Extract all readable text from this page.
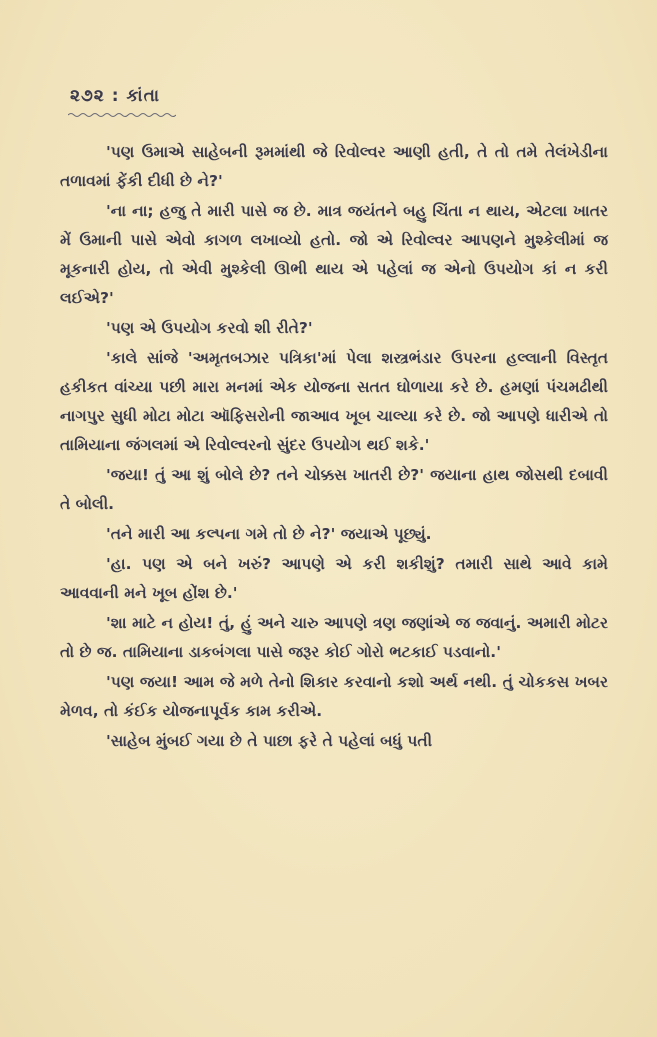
૨૭૨ : કાંતા

'પણ ઉમાએ સાહેબની રૂમમાંથી જે રિવોલ્વર આણી હતી, તે તો તમે તેલંખેડીના તળાવમાં ફેંકી દીધી છે ને?'

'ના ના; હજુ તે મારી પાસે જ છે. માત્ર જયંતને બહુ ચિંતા ન થાય, એટલા ખાતર મેં ઉમાની પાસે એવો કાગળ લખાવ્યો હતો. જો એ રિવોલ્વર આપણને મુશ્કેલીમાં જ મૂકનારી હોય, તો એવી મુશ્કેલી ઊભી થાય એ પહેલાં જ એનો ઉપયોગ કાં ન કરી લઈએ?'

'પણ એ ઉપયોગ કરવો શી રીતે?'

'કાલે સાંજે 'અમૃતબઝાર પત્રિકા'માં પેલા શસ્ત્રભંડાર ઉપરના હલ્લાની વિસ્તૃત હકીકત વાંચ્યા પછી મારા મનમાં એક યોજના સતત ઘોળાયા કરે છે. હમણાં પંચમઢીથી નાગપુર સુધી મોટા મોટા ઑફિસરોની જાઆવ ખૂબ ચાલ્યા કરે છે. જો આપણે ધારીએ તો તામિયાના જંગલમાં એ રિવોલ્વરનો સુંદર ઉપયોગ થઈ શકે.'

'જયા! તું આ શું બોલે છે? તને ચોક્કસ ખાતરી છે?' જયાના હાથ જોસથી દબાવી તે બોલી.

'તને મારી આ કલ્પના ગમે તો છે ને?' જયાએ પૂછ્યું.

'હા. પણ એ બને ખરું? આપણે એ કરી શકીશું? તમારી સાથે આવે કામે આવવાની મને ખૂબ હોંશ છે.'

'શા માટે ન હોય! તું, હું અને ચારુ આપણે ત્રણ જણાંએ જ જવાનું. અમારી મોટર તો છે જ. તામિયાના ડાકબંગલા પાસે જરૂર કોઈ ગોરો ભટકાઈ પડવાનો.'

'પણ જયા! આમ જે મળે તેનો શિકાર કરવાનો કશો અર્થ નથી. તું ચોકકસ ખબર મેળવ, તો કંઈક યોજનાપૂર્વક કામ કરીએ.

'સાહેબ મુંબઈ ગયા છે તે પાછા ફરે તે પહેલાં બધું પતી
